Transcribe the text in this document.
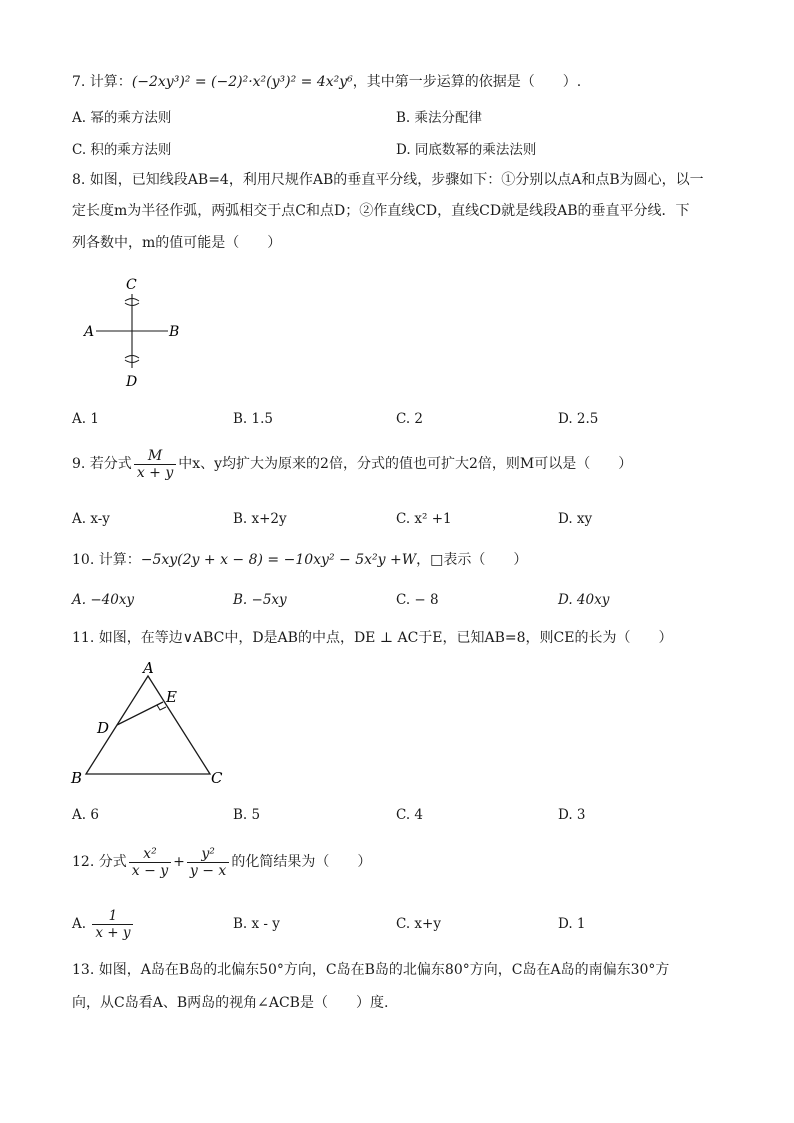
7. 计算：(−2xy³)² = (−2)²·x²(y³)² = 4x²y⁶，其中第一步运算的依据是（　　）.
A. 幂的乘方法则	B. 乘法分配律
C. 积的乘方法则	D. 同底数幂的乘法法则
8. 如图，已知线段AB=4，利用尺规作AB的垂直平分线，步骤如下：①分别以点A和点B为圆心，以一
定长度m为半径作弧，两弧相交于点C和点D；②作直线CD，直线CD就是线段AB的垂直平分线．下
列各数中，m的值可能是（　　）
C
A	B
D
A. 1	B. 1.5	C. 2	D. 2.5
9. 若分式 $\frac{M}{x + y}$ 中x、y均扩大为原来的2倍，分式的值也可扩大2倍，则M可以是（　　）
A. x-y	B. x+2y	C. x² +1	D. xy
10. 计算：−5xy(2y + x − 8) = −10xy² − 5x²y +W，□表示（　　）
A. −40xy	B. −5xy	C. − 8	D. 40xy
11. 如图，在等边∨ABC中，D是AB的中点，DE ⊥ AC于E，已知AB=8，则CE的长为（　　）
A
E
D
B	C
A. 6	B. 5	C. 4	D. 3
12. 分式 $\frac{\text{x²}}{x - y} + \frac{\text{y²}}{y - x}$ 的化简结果为（　　）
A. $\frac{1}{x + y}$	B. x - y	C. x+y	D. 1
13. 如图，A岛在B岛的北偏东50°方向，C岛在B岛的北偏东80°方向，C岛在A岛的南偏东30°方
向，从C岛看A、B两岛的视角∠ACB是（　　）度.
